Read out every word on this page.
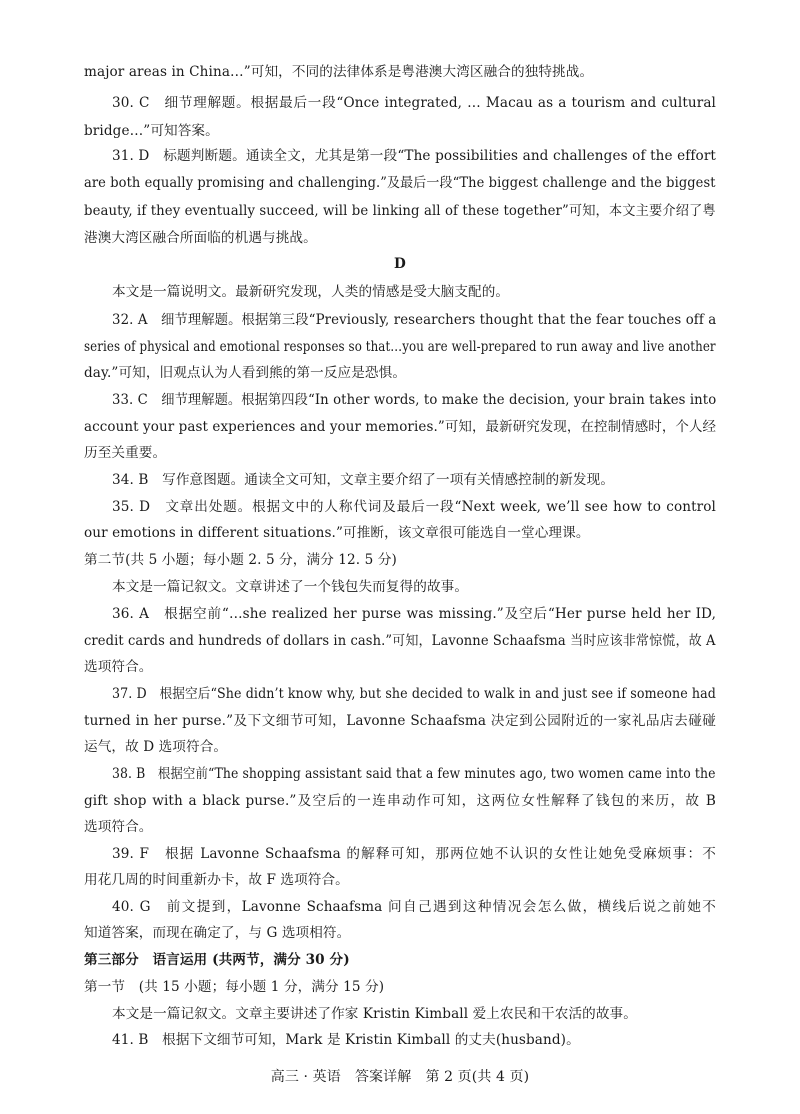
major areas in China…”可知，不同的法律体系是粤港澳大湾区融合的独特挑战。
30. C　细节理解题。根据最后一段“Once integrated, … Macau as a tourism and cultural
bridge…”可知答案。
31. D　标题判断题。通读全文，尤其是第一段“The possibilities and challenges of the effort
are both equally promising and challenging.”及最后一段“The biggest challenge and the biggest
beauty, if they eventually succeed, will be linking all of these together”可知，本文主要介绍了粤
港澳大湾区融合所面临的机遇与挑战。
D
本文是一篇说明文。最新研究发现，人类的情感是受大脑支配的。
32. A　细节理解题。根据第三段“Previously, researchers thought that the fear touches off a
series of physical and emotional responses so that…you are well-prepared to run away and live another
day.”可知，旧观点认为人看到熊的第一反应是恐惧。
33. C　细节理解题。根据第四段“In other words, to make the decision, your brain takes into
account your past experiences and your memories.”可知，最新研究发现，在控制情感时，个人经
历至关重要。
34. B　写作意图题。通读全文可知，文章主要介绍了一项有关情感控制的新发现。
35. D　文章出处题。根据文中的人称代词及最后一段“Next week, we’ll see how to control
our emotions in different situations.”可推断，该文章很可能选自一堂心理课。
第二节(共 5 小题；每小题 2. 5 分，满分 12. 5 分)
本文是一篇记叙文。文章讲述了一个钱包失而复得的故事。
36. A　根据空前“…she realized her purse was missing.”及空后“Her purse held her ID,
credit cards and hundreds of dollars in cash.”可知，Lavonne Schaafsma 当时应该非常惊慌，故 A
选项符合。
37. D　根据空后“She didn’t know why, but she decided to walk in and just see if someone had
turned in her purse.”及下文细节可知，Lavonne Schaafsma 决定到公园附近的一家礼品店去碰碰
运气，故 D 选项符合。
38. B　根据空前“The shopping assistant said that a few minutes ago, two women came into the
gift shop with a black purse.”及空后的一连串动作可知，这两位女性解释了钱包的来历，故 B
选项符合。
39. F　根据 Lavonne Schaafsma 的解释可知，那两位她不认识的女性让她免受麻烦事：不
用花几周的时间重新办卡，故 F 选项符合。
40. G　前文提到，Lavonne Schaafsma 问自己遇到这种情况会怎么做，横线后说之前她不
知道答案，而现在确定了，与 G 选项相符。
第三部分　语言运用 (共两节，满分 30 分)
第一节　(共 15 小题；每小题 1 分，满分 15 分)
本文是一篇记叙文。文章主要讲述了作家 Kristin Kimball 爱上农民和干农活的故事。
41. B　根据下文细节可知，Mark 是 Kristin Kimball 的丈夫(husband)。
高三 · 英语　答案详解　第 2 页(共 4 页)
